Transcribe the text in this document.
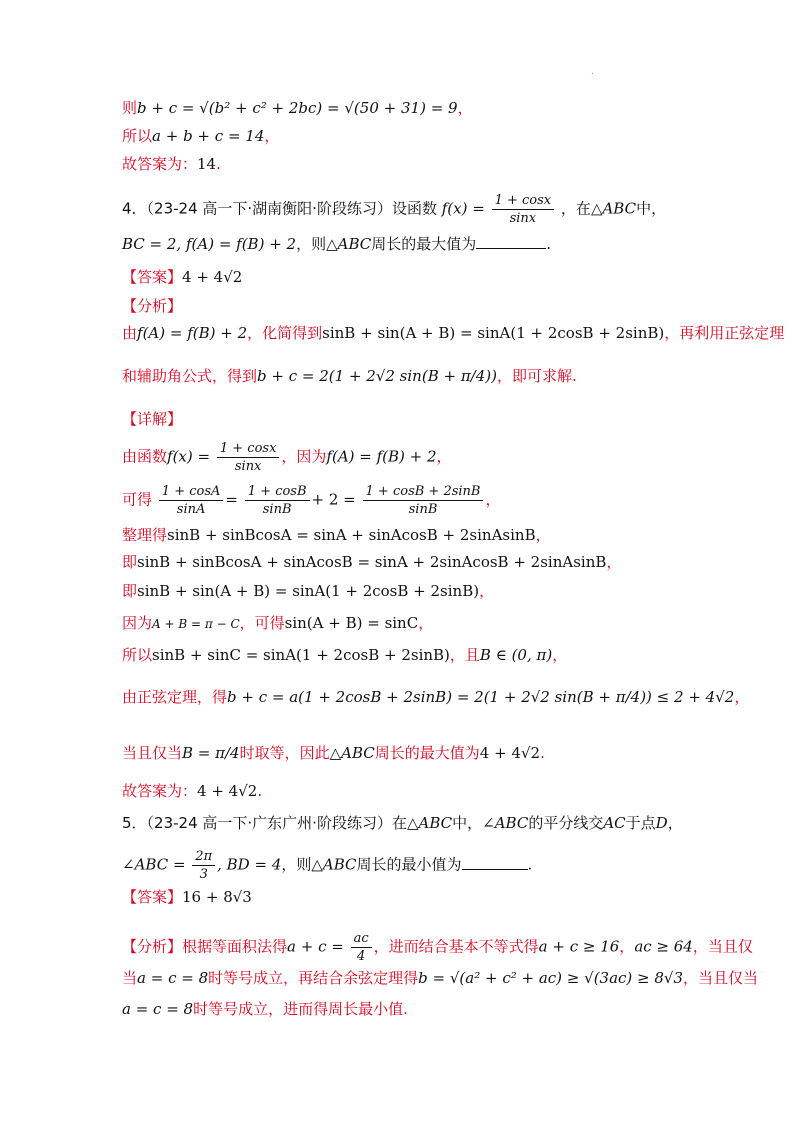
.
则b + c = √(b² + c² + 2bc) = √(50 + 31) = 9，
所以a + b + c = 14，
故答案为：14.
4．（23-24 高一下·湖南衡阳·阶段练习）设函数 $f(x) = \frac{1 + \cos x}{\sin x}$ ，在△ABC中，
BC = 2, f(A) = f(B) + 2，则△ABC周长的最大值为	.
【答案】4 + 4√2
【分析】
由f(A) = f(B) + 2，化简得到sinB + sin(A + B) = sinA(1 + 2cosB + 2sinB)，再利用正弦定理
和辅助角公式，得到b + c = 2(1 + 2√2 sin(B + π/4))，即可求解.
【详解】
由函数$f(x) = \frac{1 + \cos x}{\sin x}$ ，因为f(A) = f(B) + 2，
可得 $\frac{1 + \cos A}{\sin A} = \frac{1 + \cos B}{\sin B} + 2 = \frac{1 + \cos B + 2\sin B}{\sin B}$ ，
整理得sinB + sinBcosA = sinA + sinAcosB + 2sinAsinB，
即sinB + sinBcosA + sinAcosB = sinA + 2sinAcosB + 2sinAsinB，
即sinB + sin(A + B) = sinA(1 + 2cosB + 2sinB)，
因为A + B = π − C，可得sin(A + B) = sinC，
所以sinB + sinC = sinA(1 + 2cosB + 2sinB)，且B ∈ (0, π)，
由正弦定理，得b + c = a(1 + 2cosB + 2sinB) = 2(1 + 2√2 sin(B + π/4)) ≤ 2 + 4√2，
当且仅当B = π/4时取等，因此△ABC周长的最大值为4 + 4√2.
故答案为：4 + 4√2.
5．（23-24 高一下·广东广州·阶段练习）在△ABC中，∠ABC的平分线交AC于点D，
∠ABC = $\frac{2\pi}{3}$ , BD = 4，则△ABC周长的最小值为	.
【答案】16 + 8√3
【分析】根据等面积法得$a + c = \frac{ac}{4}$ ，进而结合基本不等式得a + c ≥ 16，ac ≥ 64，当且仅
当a = c = 8时等号成立，再结合余弦定理得b = √(a² + c² + ac) ≥ √(3ac) ≥ 8√3，当且仅当
a = c = 8时等号成立，进而得周长最小值.
